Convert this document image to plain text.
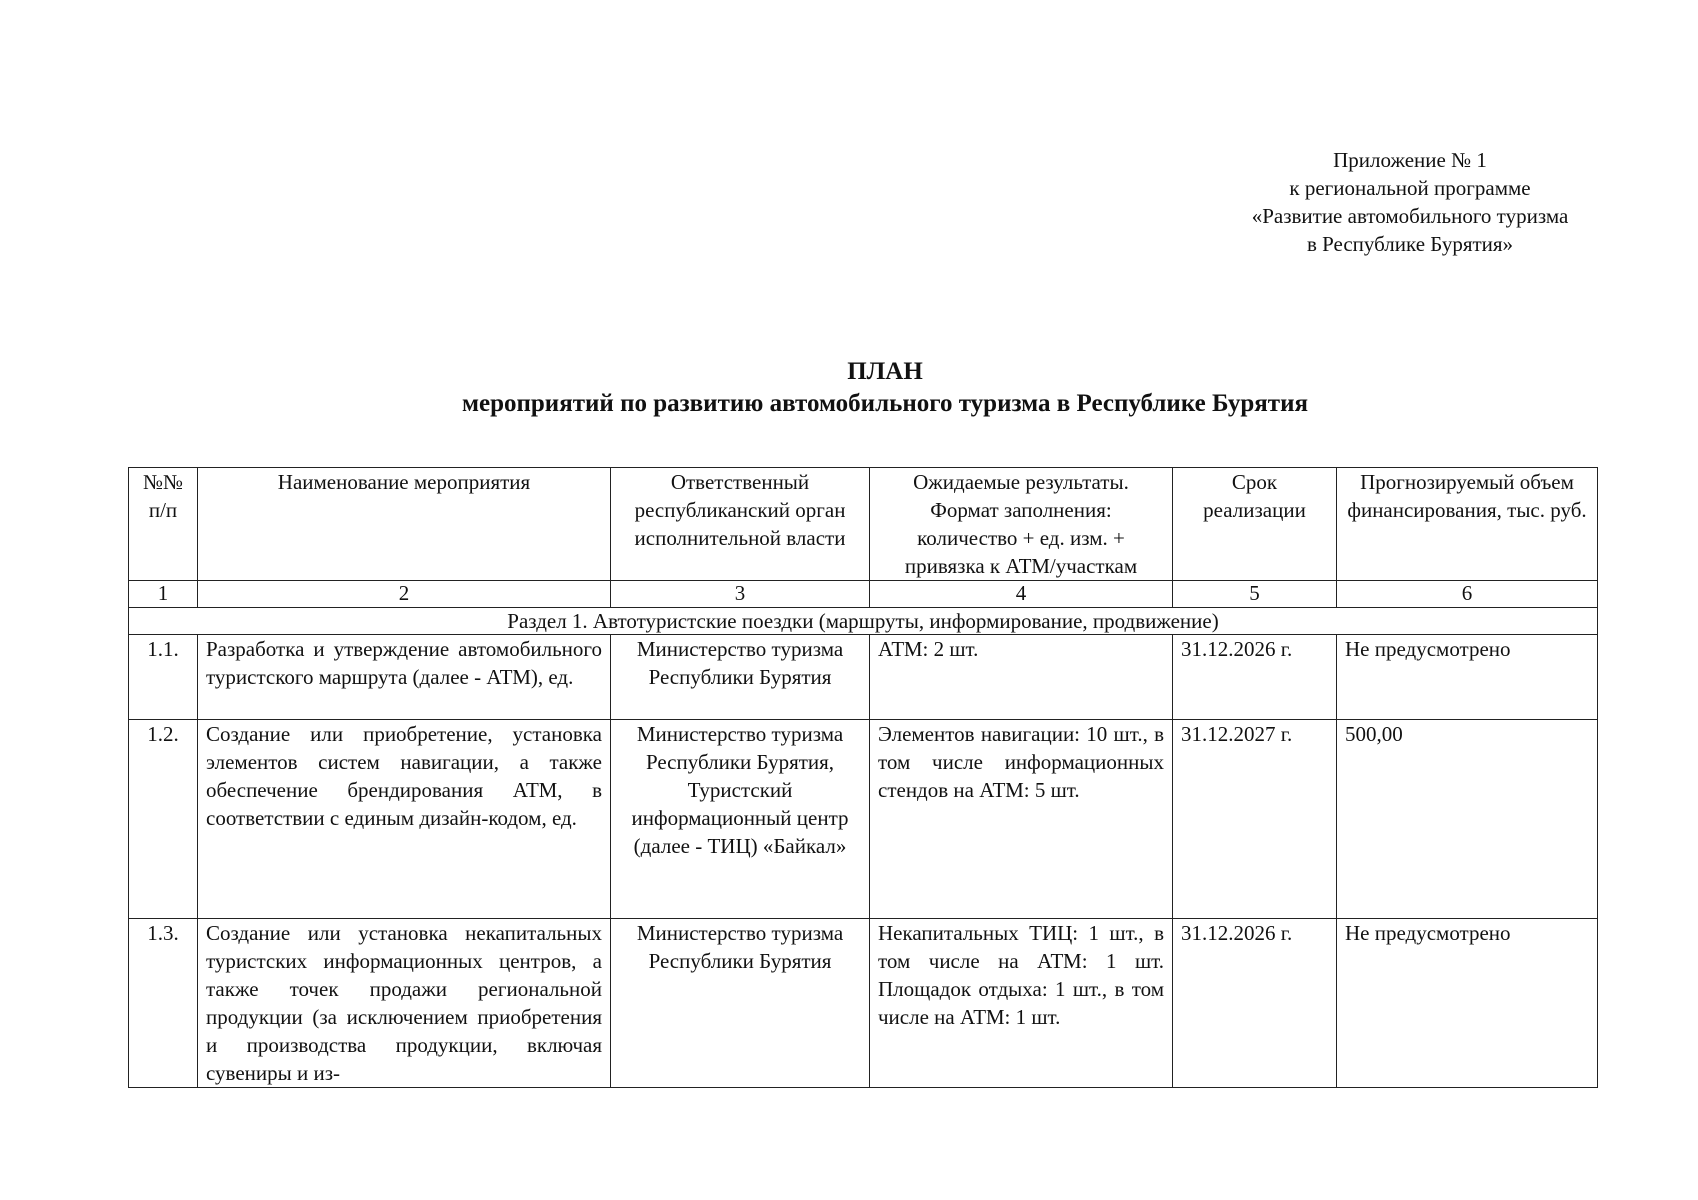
Приложение № 1
к региональной программе
«Развитие автомобильного туризма
в Республике Бурятия»
ПЛАН
мероприятий по развитию автомобильного туризма в Республике Бурятия
№№ п/п	Наименование мероприятия	Ответственный республиканский орган исполнительной власти	Ожидаемые результаты. Формат заполнения: количество + ед. изм. + привязка к АТМ/участкам	Срок реализации	Прогнозируемый объем финансирования, тыс. руб.
1	2	3	4	5	6
Раздел 1. Автотуристские поездки (маршруты, информирование, продвижение)					
1.1.	Разработка и утверждение автомобильного туристского маршрута (далее - АТМ), ед.	Министерство туризма Республики Бурятия	АТМ: 2 шт.	31.12.2026 г.	Не предусмотрено
1.2.	Создание или приобретение, установка элементов систем навигации, а также обеспечение брендирования АТМ, в соответствии с единым дизайн-кодом, ед.	Министерство туризма Республики Бурятия, Туристский информационный центр (далее - ТИЦ) «Байкал»	Элементов навигации: 10 шт., в том числе информационных стендов на АТМ: 5 шт.	31.12.2027 г.	500,00
1.3.	Создание или установка некапитальных туристских информационных центров, а также точек продажи региональной продукции (за исключением приобретения и производства продукции, включая сувениры и из-	Министерство туризма Республики Бурятия	Некапитальных ТИЦ: 1 шт., в том числе на АТМ: 1 шт. Площадок отдыха: 1 шт., в том числе на АТМ: 1 шт.	31.12.2026 г.	Не предусмотрено
